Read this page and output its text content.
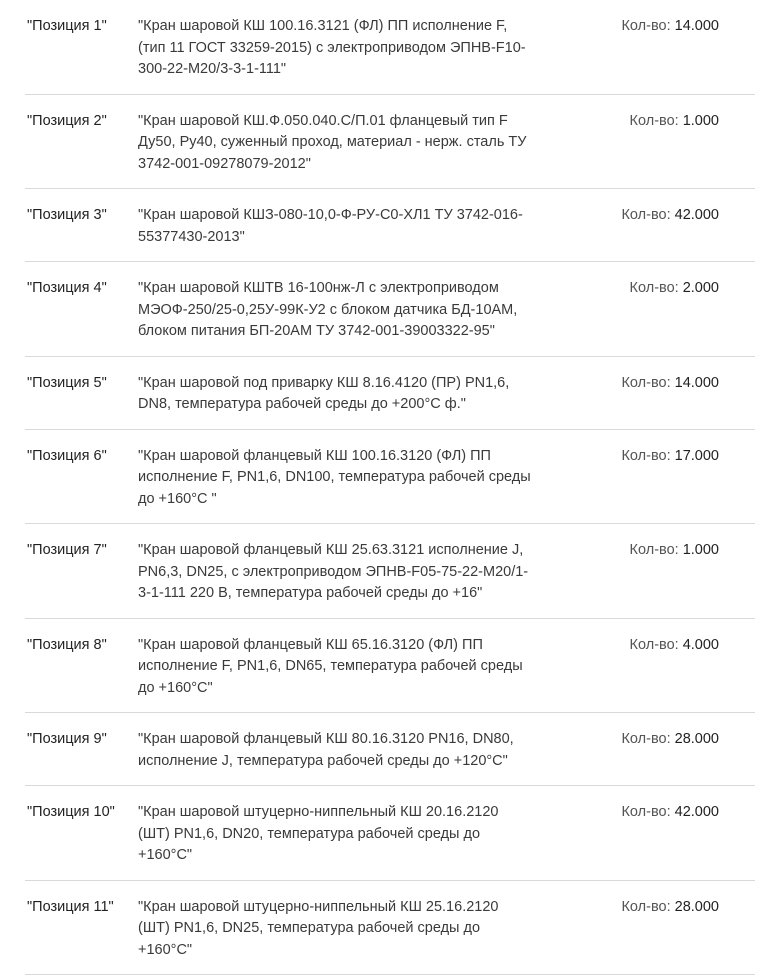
"Позиция 1" "Кран шаровой КШ 100.16.3121 (ФЛ) ПП исполнение F, (тип 11 ГОСТ 33259-2015) с электроприводом ЭПНВ-F10-300-22-М20/3-3-1-111"
Кол-во: 14.000
"Позиция 2" "Кран шаровой КШ.Ф.050.040.С/П.01 фланцевый тип F Ду50, Ру40, суженный проход, материал - нерж. сталь ТУ 3742-001-09278079-2012"
Кол-во: 1.000
"Позиция 3" "Кран шаровой КШЗ-080-10,0-Ф-РУ-С0-ХЛ1 ТУ 3742-016-55377430-2013"
Кол-во: 42.000
"Позиция 4" "Кран шаровой КШТВ 16-100нж-Л с электроприводом МЭОФ-250/25-0,25У-99К-У2 с блоком датчика БД-10АМ, блоком питания БП-20АМ ТУ 3742-001-39003322-95"
Кол-во: 2.000
"Позиция 5" "Кран шаровой под приварку КШ 8.16.4120 (ПР) PN1,6, DN8, температура рабочей среды до +200°С ф."
Кол-во: 14.000
"Позиция 6" "Кран шаровой фланцевый КШ 100.16.3120 (ФЛ) ПП исполнение F, PN1,6, DN100, температура рабочей среды до +160°С "
Кол-во: 17.000
"Позиция 7" "Кран шаровой фланцевый КШ 25.63.3121 исполнение J, PN6,3, DN25, с электроприводом ЭПНВ-F05-75-22-М20/1-3-1-111 220 В, температура рабочей среды до +16"
Кол-во: 1.000
"Позиция 8" "Кран шаровой фланцевый КШ 65.16.3120 (ФЛ) ПП исполнение F, PN1,6, DN65, температура рабочей среды до +160°С"
Кол-во: 4.000
"Позиция 9" "Кран шаровой фланцевый КШ 80.16.3120 PN16, DN80, исполнение J, температура рабочей среды до +120°С"
Кол-во: 28.000
"Позиция 10" "Кран шаровой штуцерно-ниппельный КШ 20.16.2120 (ШТ) PN1,6, DN20, температура рабочей среды до +160°С"
Кол-во: 42.000
"Позиция 11" "Кран шаровой штуцерно-ниппельный КШ 25.16.2120 (ШТ) PN1,6, DN25, температура рабочей среды до +160°С"
Кол-во: 28.000
